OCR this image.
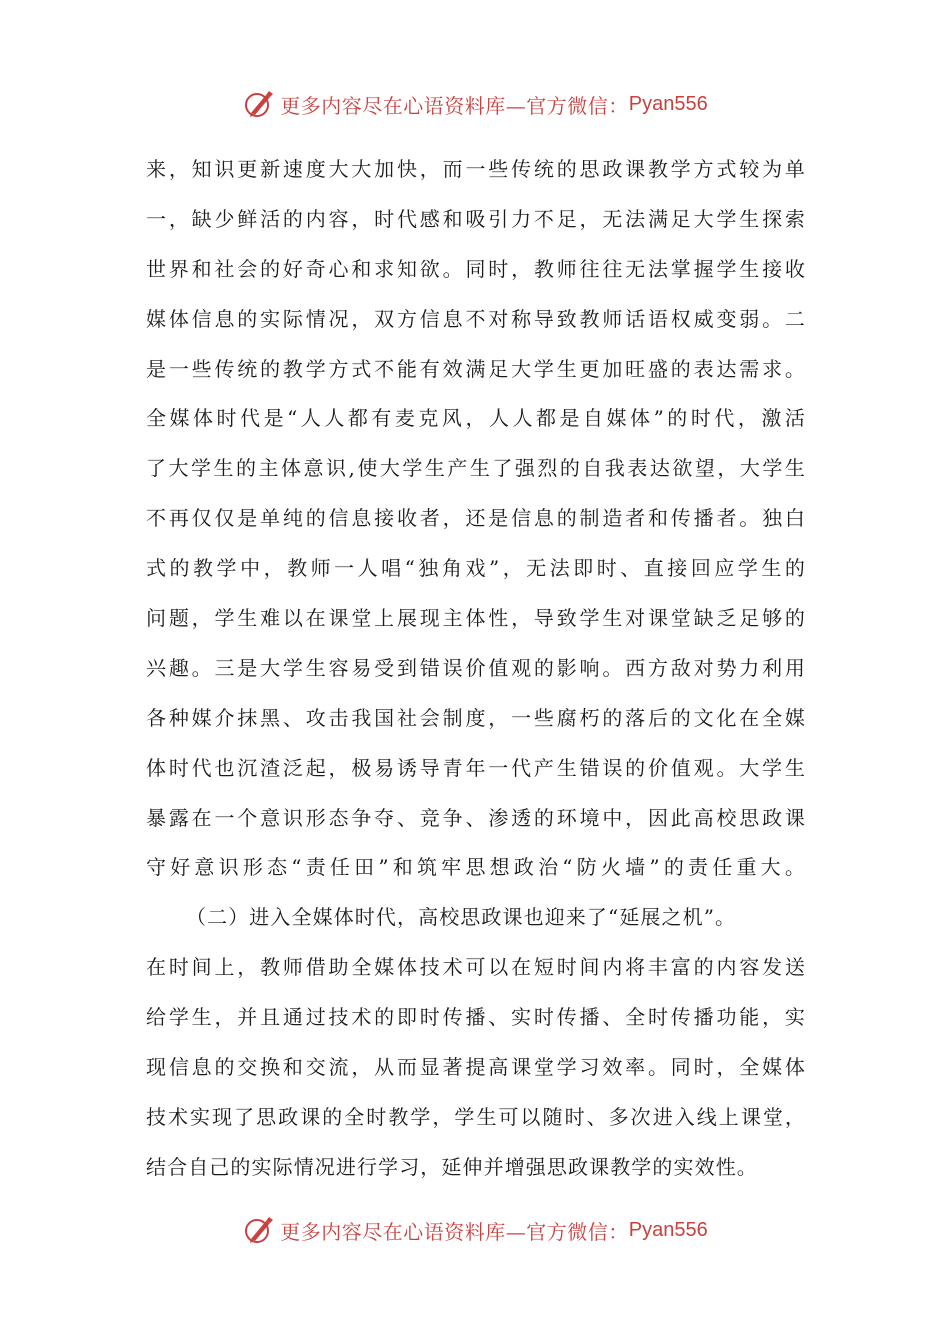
更多内容尽在心语资料库—官方微信： Pyan556
来，知识更新速度大大加快，而一些传统的思政课教学方式较为单
一，缺少鲜活的内容，时代感和吸引力不足，无法满足大学生探索
世界和社会的好奇心和求知欲。同时，教师往往无法掌握学生接收
媒体信息的实际情况，双方信息不对称导致教师话语权威变弱。二
是一些传统的教学方式不能有效满足大学生更加旺盛的表达需求。
全媒体时代是“人人都有麦克风，人人都是自媒体”的时代，激活
了大学生的主体意识,使大学生产生了强烈的自我表达欲望，大学生
不再仅仅是单纯的信息接收者，还是信息的制造者和传播者。独白
式的教学中，教师一人唱“独角戏”，无法即时、直接回应学生的
问题，学生难以在课堂上展现主体性，导致学生对课堂缺乏足够的
兴趣。三是大学生容易受到错误价值观的影响。西方敌对势力利用
各种媒介抹黑、攻击我国社会制度，一些腐朽的落后的文化在全媒
体时代也沉渣泛起，极易诱导青年一代产生错误的价值观。大学生
暴露在一个意识形态争夺、竞争、渗透的环境中，因此高校思政课
守好意识形态“责任田”和筑牢思想政治“防火墙”的责任重大。
（二）进入全媒体时代，高校思政课也迎来了“延展之机”。
在时间上，教师借助全媒体技术可以在短时间内将丰富的内容发送
给学生，并且通过技术的即时传播、实时传播、全时传播功能，实
现信息的交换和交流，从而显著提高课堂学习效率。同时，全媒体
技术实现了思政课的全时教学，学生可以随时、多次进入线上课堂，
结合自己的实际情况进行学习，延伸并增强思政课教学的实效性。
更多内容尽在心语资料库—官方微信： Pyan556
